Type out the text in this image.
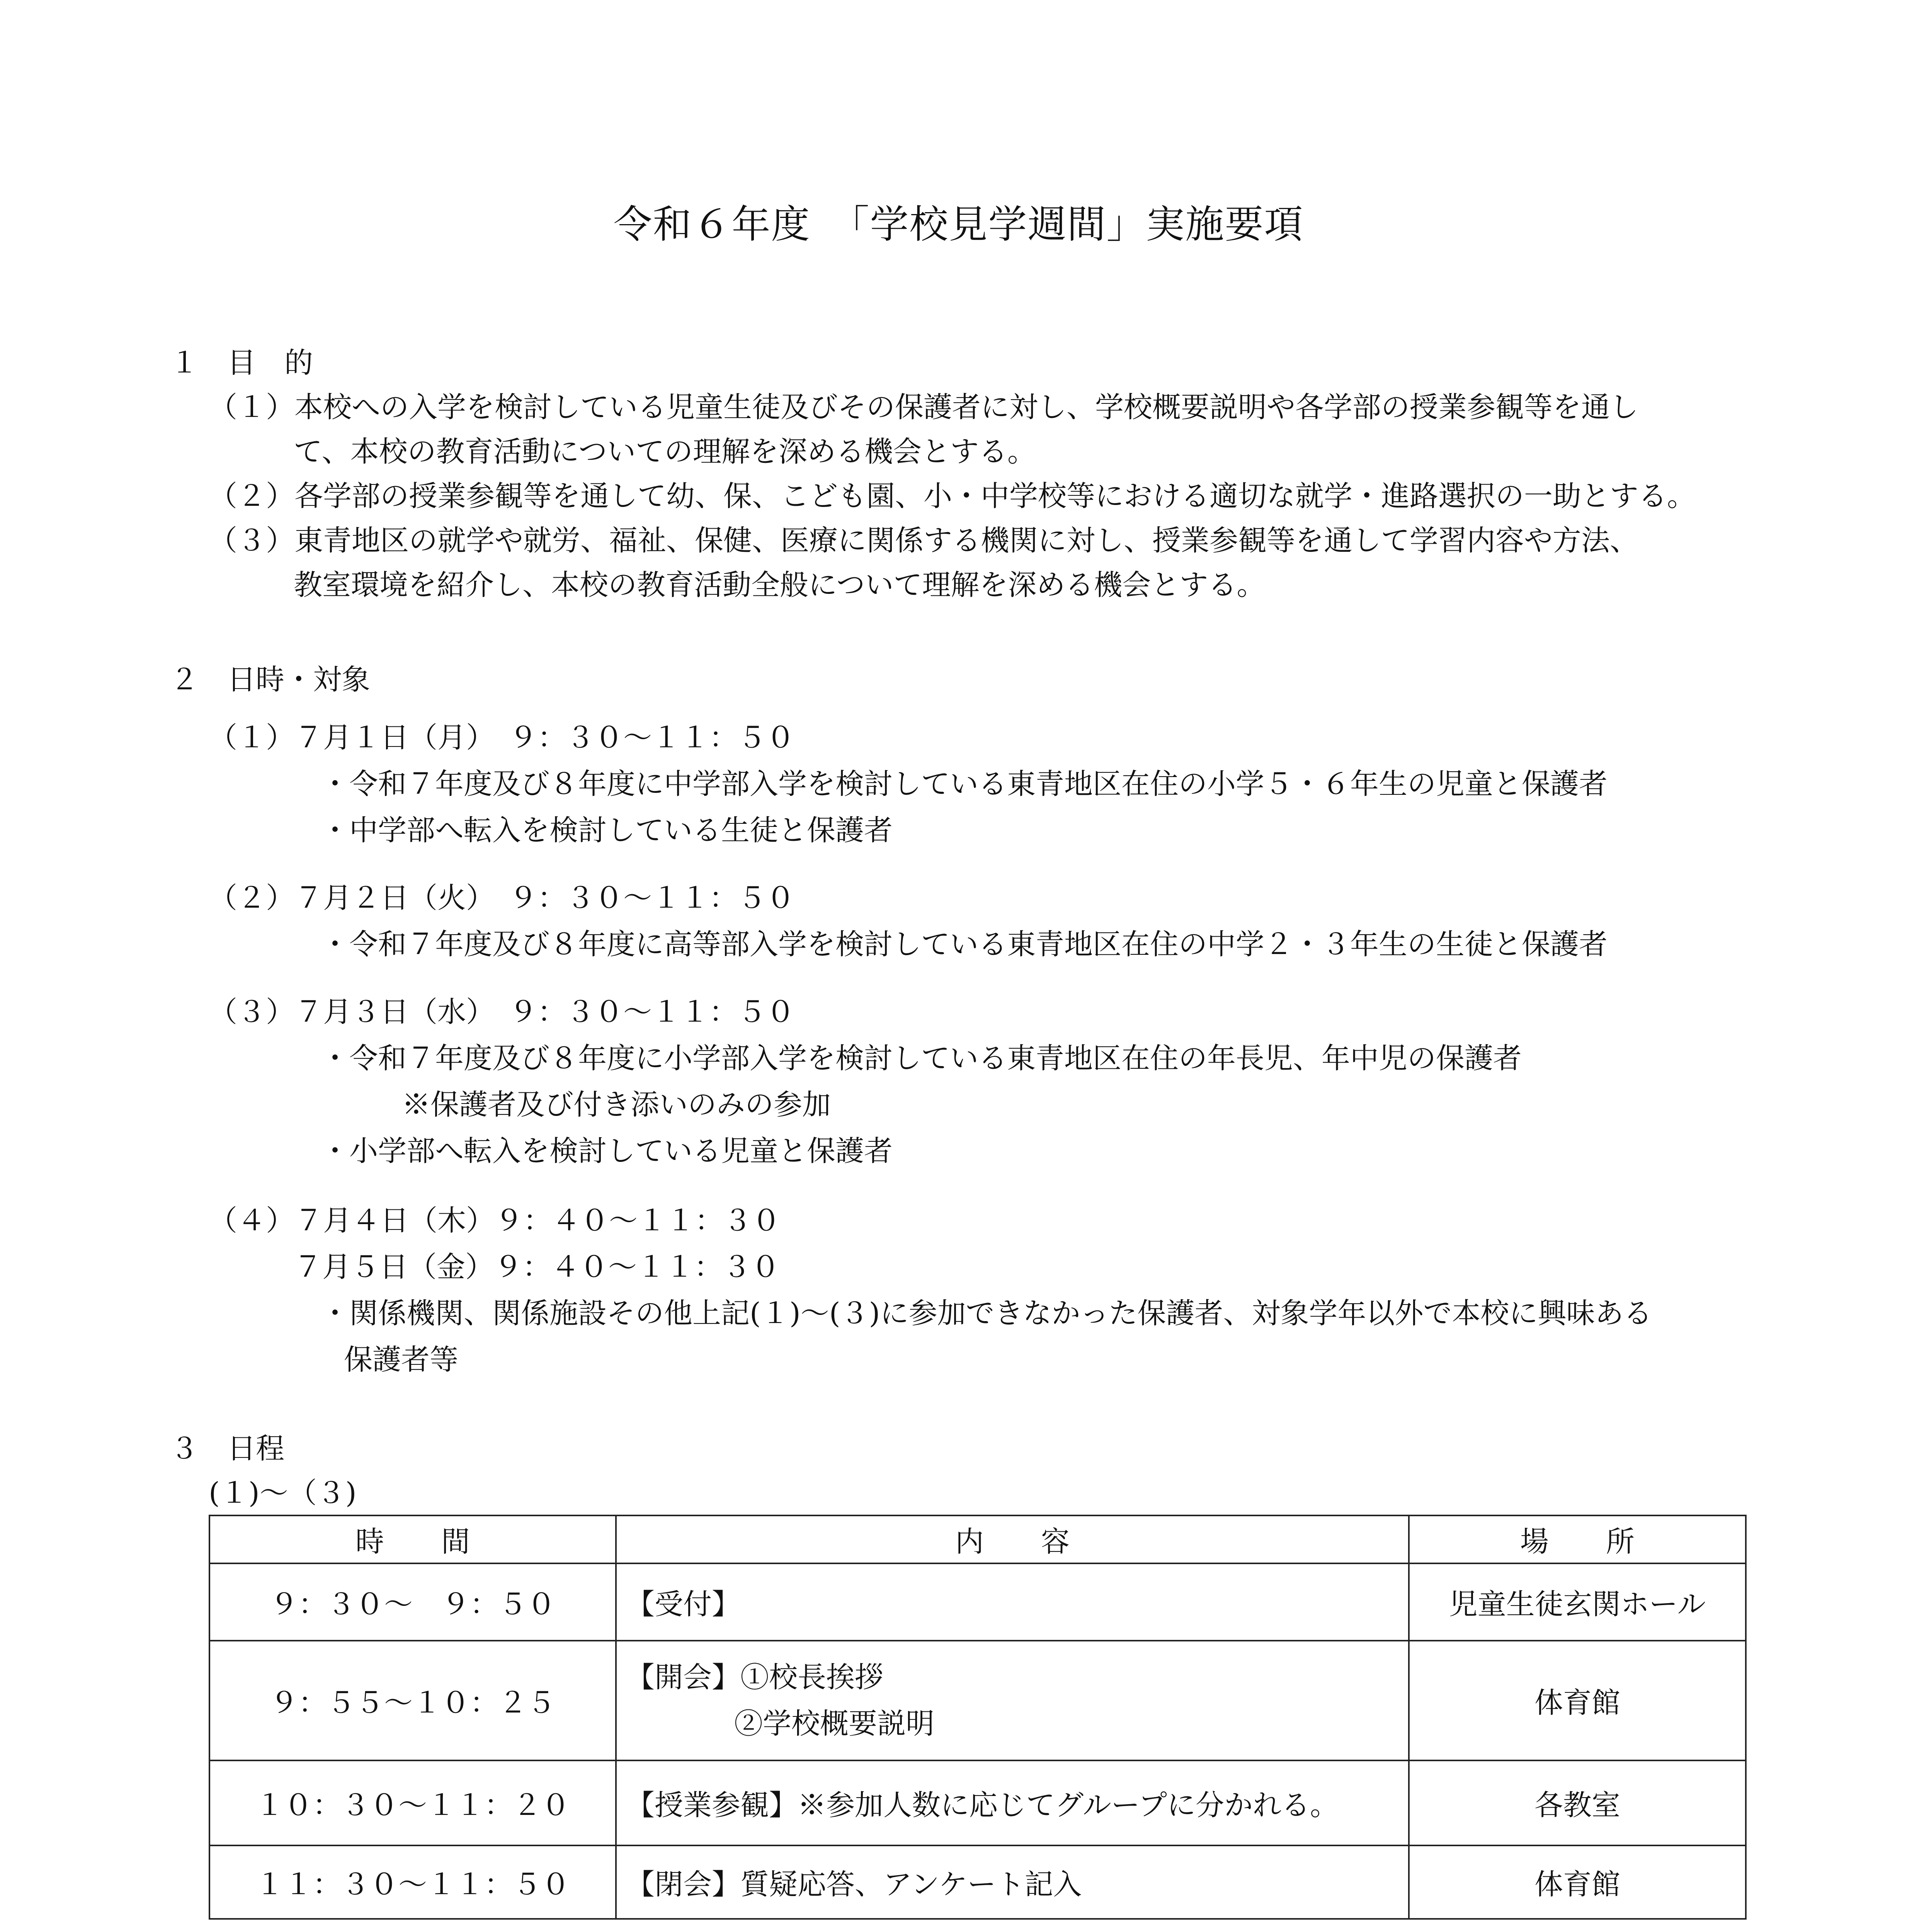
令和６年度　「学校見学週間」実施要項
１　目　的
（１）本校への入学を検討している児童生徒及びその保護者に対し、学校概要説明や各学部の授業参観等を通し
て、本校の教育活動についての理解を深める機会とする。
（２）各学部の授業参観等を通して幼、保、こども園、小・中学校等における適切な就学・進路選択の一助とする。
（３）東青地区の就学や就労、福祉、保健、医療に関係する機関に対し、授業参観等を通して学習内容や方法、
教室環境を紹介し、本校の教育活動全般について理解を深める機会とする。
２　日時・対象
（１）７月１日（月）　９：３０～１１：５０
・令和７年度及び８年度に中学部入学を検討している東青地区在住の小学５・６年生の児童と保護者
・中学部へ転入を検討している生徒と保護者
（２）７月２日（火）　９：３０～１１：５０
・令和７年度及び８年度に高等部入学を検討している東青地区在住の中学２・３年生の生徒と保護者
（３）７月３日（水）　９：３０～１１：５０
・令和７年度及び８年度に小学部入学を検討している東青地区在住の年長児、年中児の保護者
※保護者及び付き添いのみの参加
・小学部へ転入を検討している児童と保護者
（４）７月４日（木）９：４０～１１：３０
７月５日（金）９：４０～１１：３０
・関係機関、関係施設その他上記(１)～(３)に参加できなかった保護者、対象学年以外で本校に興味ある
保護者等
３　日程
(１)～（３)
時　　間	内　　容	場　　所
９：３０～　９：５０	【受付】	児童生徒玄関ホール
９：５５～１０：２５	【開会】①校長挨拶
②学校概要説明	体育館
１０：３０～１１：２０	【授業参観】※参加人数に応じてグループに分かれる。	各教室
１１：３０～１１：５０	【閉会】質疑応答、アンケート記入	体育館
